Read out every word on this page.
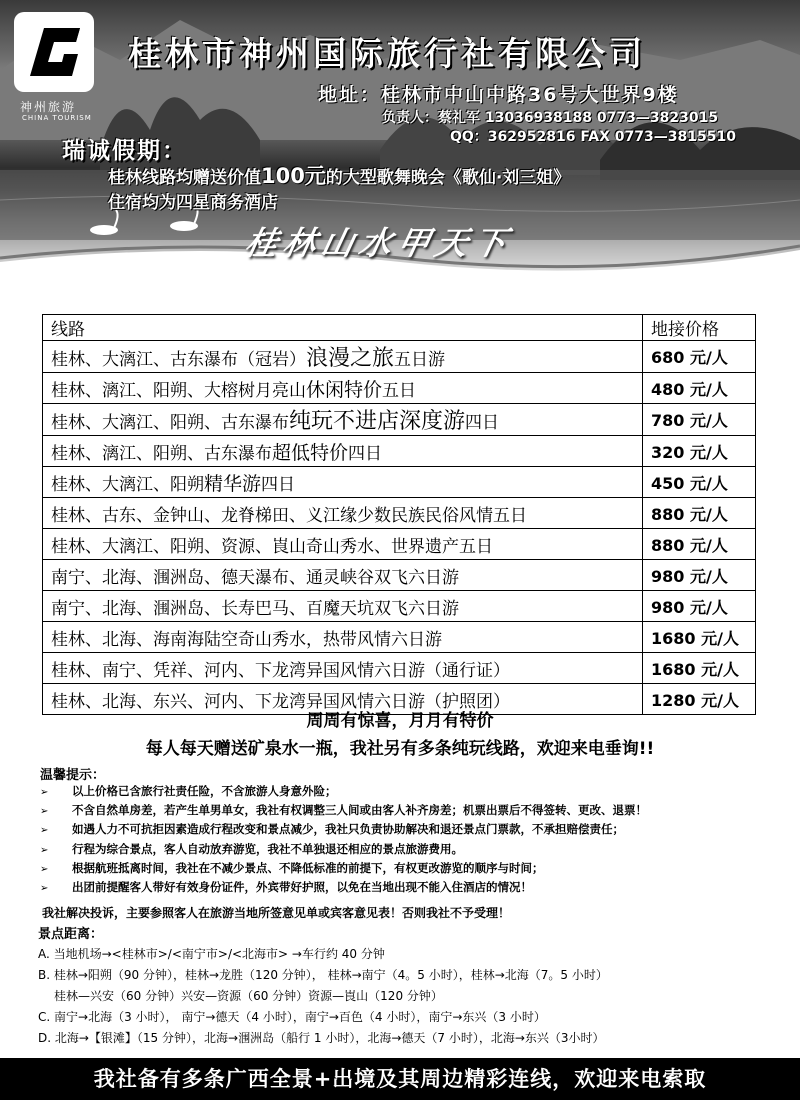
神州旅游
CHINA TOURISM
桂林市神州国际旅行社有限公司
地址：桂林市中山中路36号大世界9楼
负责人：蔡礼军 13036938188 0773—3823015
QQ：362952816 FAX 0773—3815510
瑞诚假期：
桂林线路均赠送价值100元的大型歌舞晚会《歌仙·刘三姐》
住宿均为四星商务酒店
桂林山水甲天下
线路	地接价格
桂林、大漓江、古东瀑布（冠岩）浪漫之旅五日游	680 元/人
桂林、漓江、阳朔、大榕树月亮山休闲特价五日	480 元/人
桂林、大漓江、阳朔、古东瀑布纯玩不进店深度游四日	780 元/人
桂林、漓江、阳朔、古东瀑布超低特价四日	320 元/人
桂林、大漓江、阳朔精华游四日	450 元/人
桂林、古东、金钟山、龙脊梯田、义江缘少数民族民俗风情五日	880 元/人
桂林、大漓江、阳朔、资源、崀山奇山秀水、世界遗产五日	880 元/人
南宁、北海、涠洲岛、德天瀑布、通灵峡谷双飞六日游	980 元/人
南宁、北海、涠洲岛、长寿巴马、百魔天坑双飞六日游	980 元/人
桂林、北海、海南海陆空奇山秀水，热带风情六日游	1680 元/人
桂林、南宁、凭祥、河内、下龙湾异国风情六日游（通行证）	1680 元/人
桂林、北海、东兴、河内、下龙湾异国风情六日游（护照团）	1280 元/人
周周有惊喜，月月有特价
每人每天赠送矿泉水一瓶，我社另有多条纯玩线路，欢迎来电垂询!!
温馨提示：
➢ 以上价格已含旅行社责任险，不含旅游人身意外险；
➢ 不含自然单房差，若产生单男单女，我社有权调整三人间或由客人补齐房差；机票出票后不得签转、更改、退票！
➢ 如遇人力不可抗拒因素造成行程改变和景点减少，我社只负责协助解决和退还景点门票款，不承担赔偿责任；
➢ 行程为综合景点，客人自动放弃游览，我社不单独退还相应的景点旅游费用。
➢ 根据航班抵离时间，我社在不减少景点、不降低标准的前提下，有权更改游览的顺序与时间；
➢ 出团前提醒客人带好有效身份证件，外宾带好护照，以免在当地出现不能入住酒店的情况！
我社解决投诉，主要参照客人在旅游当地所签意见单或宾客意见表！否则我社不予受理！
景点距离：
A. 当地机场→<桂林市>/<南宁市>/<北海市> →车行约 40 分钟
B. 桂林→阳朔（90 分钟），桂林→龙胜（120 分钟）， 桂林→南宁（4。5 小时），桂林→北海（7。5 小时）
桂林—兴安（60 分钟）兴安—资源（60 分钟）资源—崀山（120 分钟）
C. 南宁→北海（3 小时）， 南宁→德天（4 小时），南宁→百色（4 小时），南宁→东兴（3 小时）
D. 北海→【银滩】（15 分钟），北海→涠洲岛（船行 1 小时），北海→德天（7 小时），北海→东兴（3小时）
我社备有多条广西全景+出境及其周边精彩连线，欢迎来电索取
